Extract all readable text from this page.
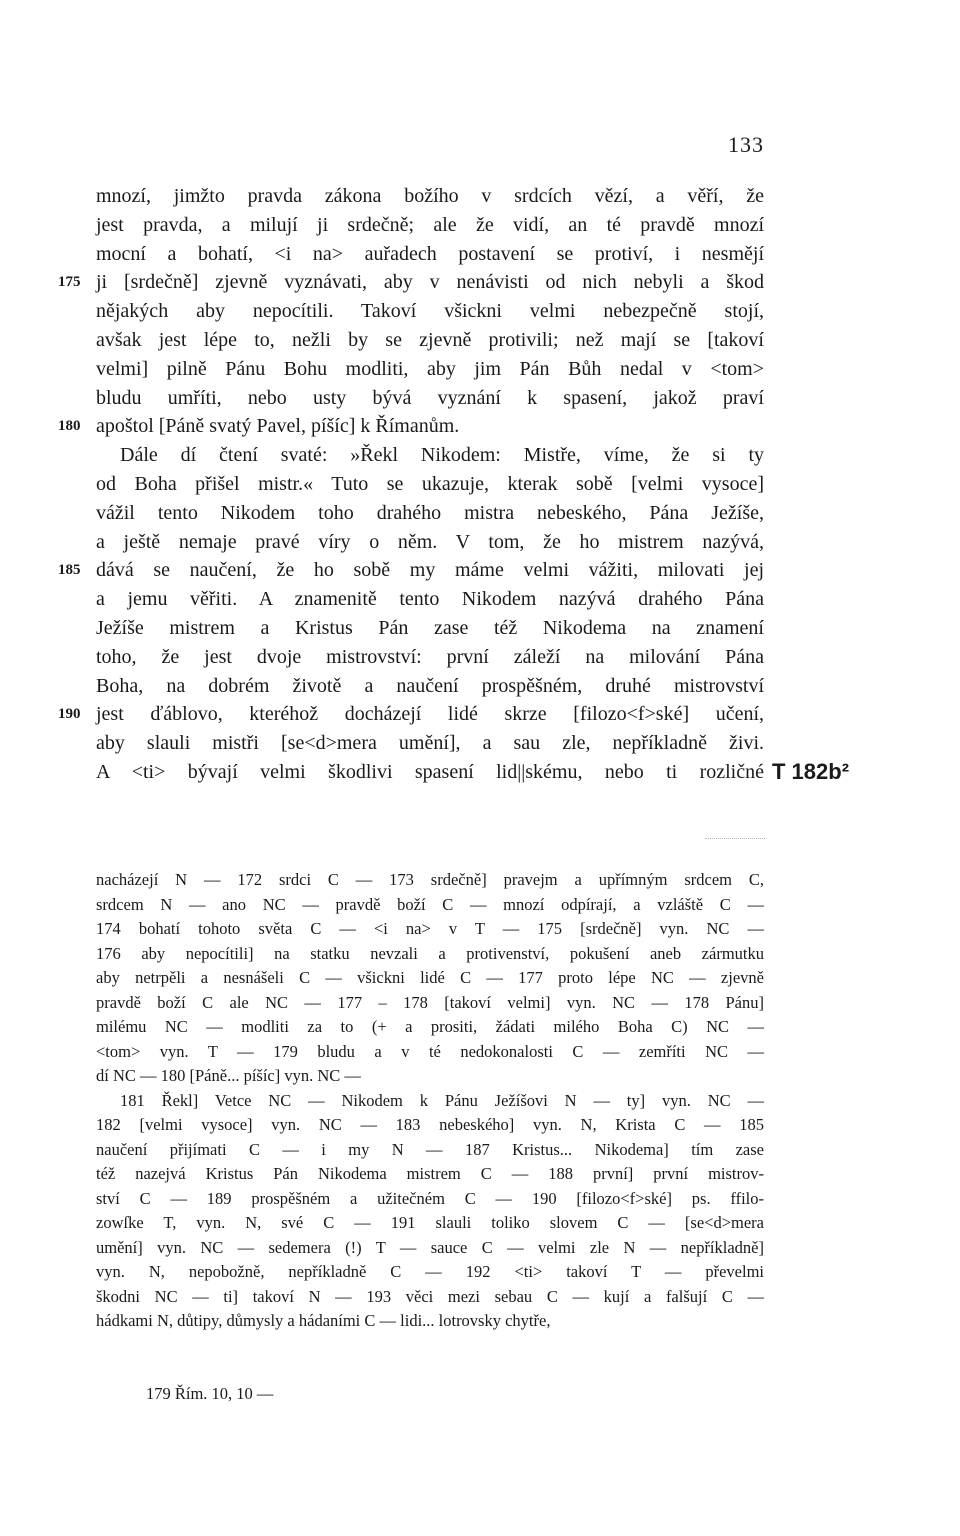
133
mnozí, jimžto pravda zákona božího v srdcích vězí, a věří, že
jest pravda, a milují ji srdečně; ale že vidí, an té pravdě mnozí
mocní a bohatí, <i na> auřadech postavení se protiví, i nesmějí
175 ji [srdečně] zjevně vyznávati, aby v nenávisti od nich nebyli a škod
nějakých aby nepocítili. Takoví všickni velmi nebezpečně stojí,
avšak jest lépe to, nežli by se zjevně protivili; než mají se [takoví
velmi] pilně Pánu Bohu modliti, aby jim Pán Bůh nedal v <tom>
bludu umříti, nebo usty bývá vyznání k spasení, jakož praví
180 apoštol [Páně svatý Pavel, píšíc] k Římanům.
Dále dí čtení svaté: »Řekl Nikodem: Mistře, víme, že si ty
od Boha přišel mistr.« Tuto se ukazuje, kterak sobě [velmi vysoce]
vážil tento Nikodem toho drahého mistra nebeského, Pána Ježíše,
a ještě nemaje pravé víry o něm. V tom, že ho mistrem nazývá,
185 dává se naučení, že ho sobě my máme velmi vážiti, milovati jej
a jemu věřiti. A znamenitě tento Nikodem nazývá drahého Pána
Ježíše mistrem a Kristus Pán zase též Nikodema na znamení
toho, že jest dvoje mistrovství: první záleží na milování Pána
Boha, na dobrém životě a naučení prospěšném, druhé mistrovství
190 jest ďáblovo, kteréhož docházejí lidé skrze [filozo<f>ské] učení,
aby slauli mistři [se<d>mera umění], a sau zle, nepříkladně živi.
A <ti> bývají velmi škodlivi spasení lid||skému, nebo ti rozličné T 182b²
nacházejí N — 172 srdci C — 173 srdečně] pravejm a upřímným srdcem C,
srdcem N — ano NC — pravdě boží C — mnozí odpírají, a vzláště C —
174 bohatí tohoto světa C — <i na> v T — 175 [srdečně] vyn. NC —
176 aby nepocítili] na statku nevzali a protivenství, pokušení aneb zármutku
aby netrpěli a nesnášeli C — všickni lidé C — 177 proto lépe NC — zjevně
pravdě boží C ale NC — 177 – 178 [takoví velmi] vyn. NC — 178 Pánu]
milému NC — modliti za to (+ a prositi, žádati milého Boha C) NC —
<tom> vyn. T — 179 bludu a v té nedokonalosti C — zemříti NC —
dí NC — 180 [Páně... píšíc] vyn. NC —
181 Řekl] Vetce NC — Nikodem k Pánu Ježíšovi N — ty] vyn. NC —
182 [velmi vysoce] vyn. NC — 183 nebeského] vyn. N, Krista C — 185
naučení přijímati C — i my N — 187 Kristus... Nikodema] tím zase
též nazejvá Kristus Pán Nikodema mistrem C — 188 první] první mistrov-
ství C — 189 prospěšném a užitečném C — 190 [filozo<f>ské] ps. ffilo-
zowſke T, vyn. N, své C — 191 slauli toliko slovem C — [se<d>mera
umění] vyn. NC — sedemera (!) T — sauce C — velmi zle N — nepříkladně]
vyn. N, nepobožně, nepříkladně C — 192 <ti> takoví T — převelmi
škodni NC — ti] takoví N — 193 věci mezi sebau C — kují a falšují C —
hádkami N, důtipy, důmysly a hádaními C — lidi... lotrovsky chytře,
179 Řím. 10, 10 —
